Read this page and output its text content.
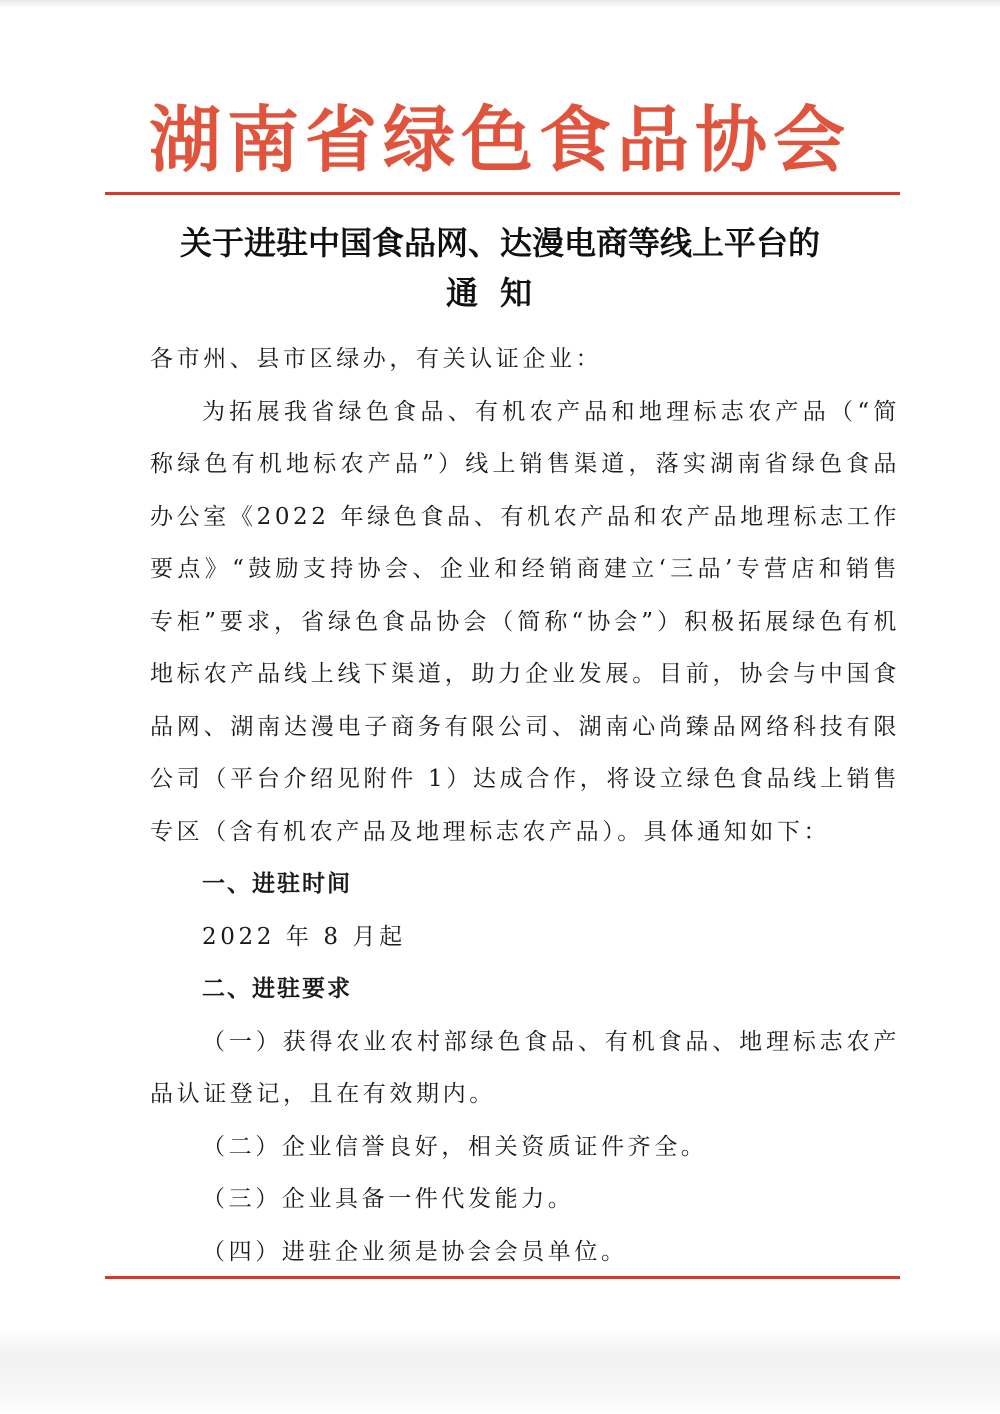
湖南省绿色食品协会
关于进驻中国食品网、达漫电商等线上平台的
通知

各市州、县市区绿办，有关认证企业：

为拓展我省绿色食品、有机农产品和地理标志农产品（“简称绿色有机地标农产品”）线上销售渠道，落实湖南省绿色食品办公室《2022 年绿色食品、有机农产品和农产品地理标志工作要点》“鼓励支持协会、企业和经销商建立‘三品’专营店和销售专柜”要求，省绿色食品协会（简称“协会”）积极拓展绿色有机地标农产品线上线下渠道，助力企业发展。目前，协会与中国食品网、湖南达漫电子商务有限公司、湖南心尚臻品网络科技有限公司（平台介绍见附件 1）达成合作，将设立绿色食品线上销售专区（含有机农产品及地理标志农产品）。具体通知如下：

一、进驻时间

2022 年 8 月起

二、进驻要求

（一）获得农业农村部绿色食品、有机食品、地理标志农产品认证登记，且在有效期内。

（二）企业信誉良好，相关资质证件齐全。

（三）企业具备一件代发能力。

（四）进驻企业须是协会会员单位。
